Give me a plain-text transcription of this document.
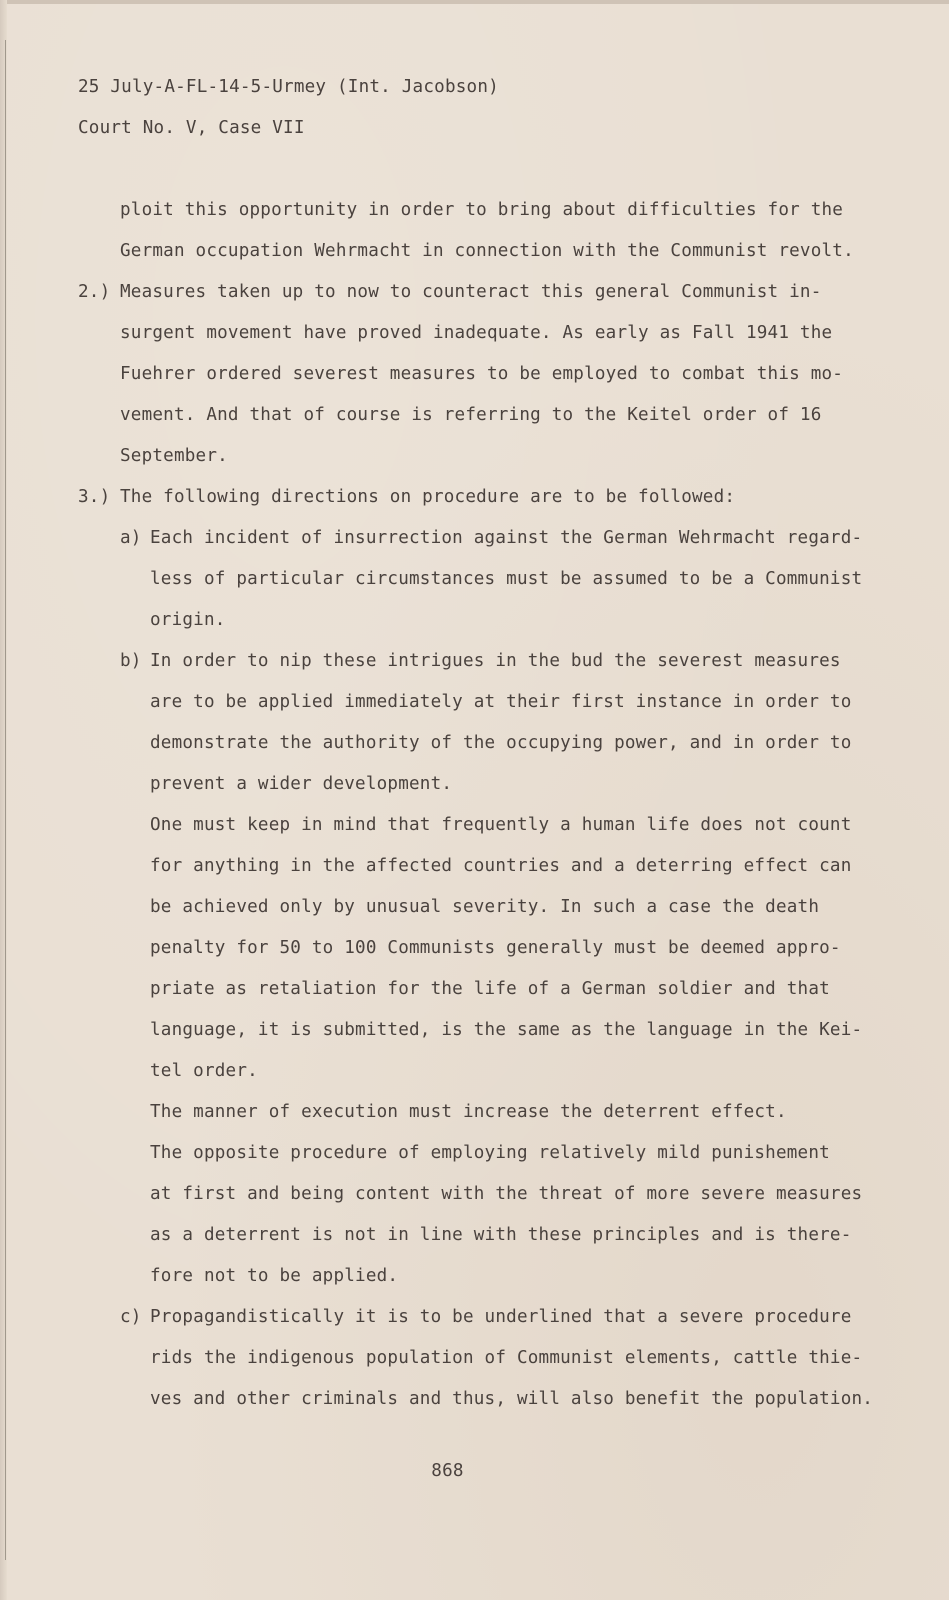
25 July-A-FL-14-5-Urmey (Int. Jacobson)
Court No. V, Case VII
ploit this opportunity in order to bring about difficulties for the
German occupation Wehrmacht in connection with the Communist revolt.
2.) Measures taken up to now to counteract this general Communist in-
surgent movement have proved inadequate. As early as Fall 1941 the
Fuehrer ordered severest measures to be employed to combat this mo-
vement. And that of course is referring to the Keitel order of 16
September.
3.) The following directions on procedure are to be followed:
a) Each incident of insurrection against the German Wehrmacht regard-
less of particular circumstances must be assumed to be a Communist
origin.
b) In order to nip these intrigues in the bud the severest measures
are to be applied immediately at their first instance in order to
demonstrate the authority of the occupying power, and in order to
prevent a wider development.
One must keep in mind that frequently a human life does not count
for anything in the affected countries and a deterring effect can
be achieved only by unusual severity. In such a case the death
penalty for 50 to 100 Communists generally must be deemed appro-
priate as retaliation for the life of a German soldier and that
language, it is submitted, is the same as the language in the Kei-
tel order.
The manner of execution must increase the deterrent effect.
The opposite procedure of employing relatively mild punishement
at first and being content with the threat of more severe measures
as a deterrent is not in line with these principles and is there-
fore not to be applied.
c) Propagandistically it is to be underlined that a severe procedure
rids the indigenous population of Communist elements, cattle thie-
ves and other criminals and thus, will also benefit the population.
868
